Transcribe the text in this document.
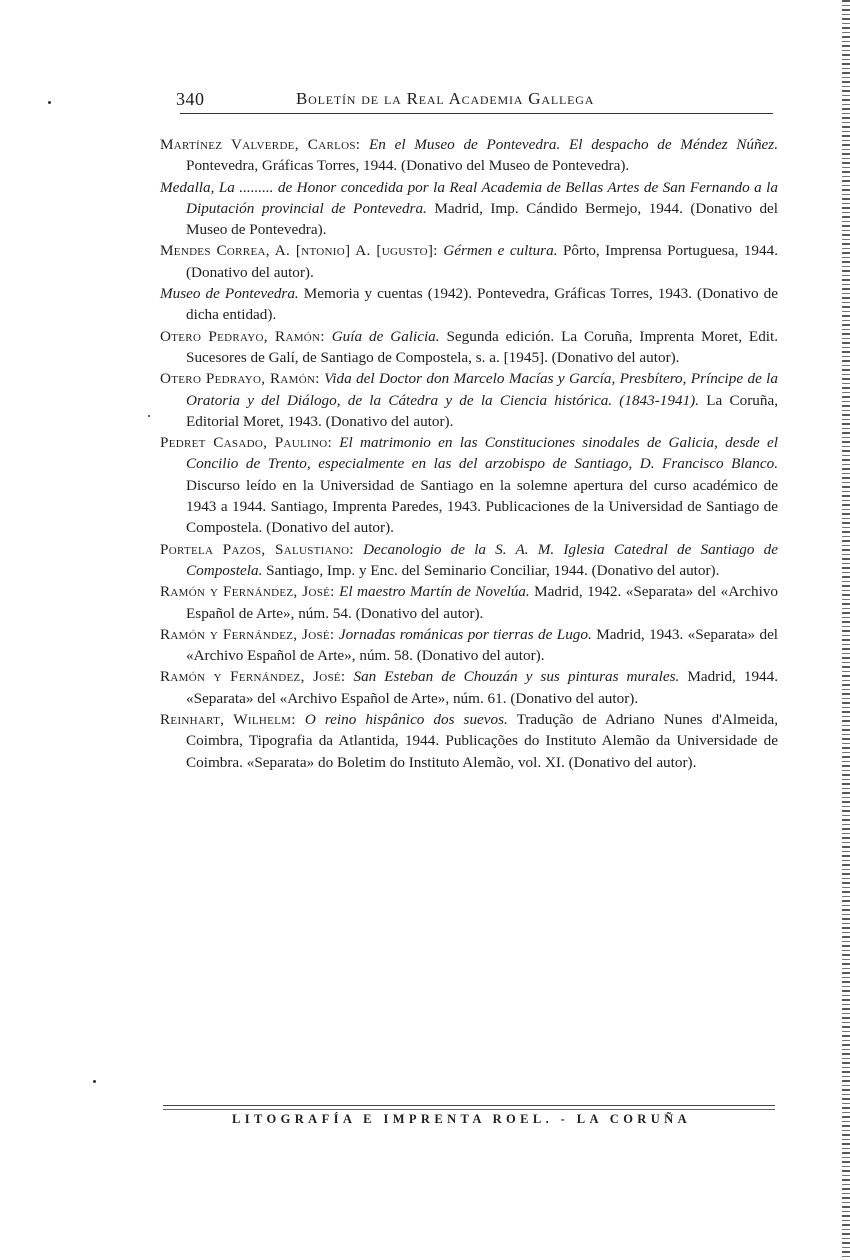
340	Boletín de la Real Academia Gallega

Martínez Valverde, Carlos: En el Museo de Pontevedra. El despacho de Méndez Núñez. Pontevedra, Gráficas Torres, 1944. (Donativo del Museo de Pontevedra).

Medalla, La ......... de Honor concedida por la Real Academia de Bellas Artes de San Fernando a la Diputación provincial de Pontevedra. Madrid, Imp. Cándido Bermejo, 1944. (Donativo del Museo de Pontevedra).

Mendes Correa, A. [ntonio] A. [ugusto]: Gérmen e cultura. Pôrto, Imprensa Portuguesa, 1944. (Donativo del autor).

Museo de Pontevedra. Memoria y cuentas (1942). Pontevedra, Gráficas Torres, 1943. (Donativo de dicha entidad).

Otero Pedrayo, Ramón: Guía de Galicia. Segunda edición. La Coruña, Imprenta Moret, Edit. Sucesores de Galí, de Santiago de Compostela, s. a. [1945]. (Donativo del autor).

Otero Pedrayo, Ramón: Vida del Doctor don Marcelo Macías y García, Presbítero, Príncipe de la Oratoria y del Diálogo, de la Cátedra y de la Ciencia histórica. (1843-1941). La Coruña, Editorial Moret, 1943. (Donativo del autor).

Pedret Casado, Paulino: El matrimonio en las Constituciones sinodales de Galicia, desde el Concilio de Trento, especialmente en las del arzobispo de Santiago, D. Francisco Blanco. Discurso leído en la Universidad de Santiago en la solemne apertura del curso académico de 1943 a 1944. Santiago, Imprenta Paredes, 1943. Publicaciones de la Universidad de Santiago de Compostela. (Donativo del autor).

Portela Pazos, Salustiano: Decanologio de la S. A. M. Iglesia Catedral de Santiago de Compostela. Santiago, Imp. y Enc. del Seminario Conciliar, 1944. (Donativo del autor).

Ramón y Fernández, José: El maestro Martín de Novelúa. Madrid, 1942. «Separata» del «Archivo Español de Arte», núm. 54. (Donativo del autor).

Ramón y Fernández, José: Jornadas románicas por tierras de Lugo. Madrid, 1943. «Separata» del «Archivo Español de Arte», núm. 58. (Donativo del autor).

Ramón y Fernández, José: San Esteban de Chouzán y sus pinturas murales. Madrid, 1944. «Separata» del «Archivo Español de Arte», núm. 61. (Donativo del autor).

Reinhart, Wilhelm: O reino hispânico dos suevos. Tradução de Adriano Nunes d'Almeida, Coimbra, Tipografia da Atlantida, 1944. Publicações do Instituto Alemão da Universidade de Coimbra. «Separata» do Boletim do Instituto Alemão, vol. XI. (Donativo del autor).

LITOGRAFÍA E IMPRENTA ROEL. - LA CORUÑA
